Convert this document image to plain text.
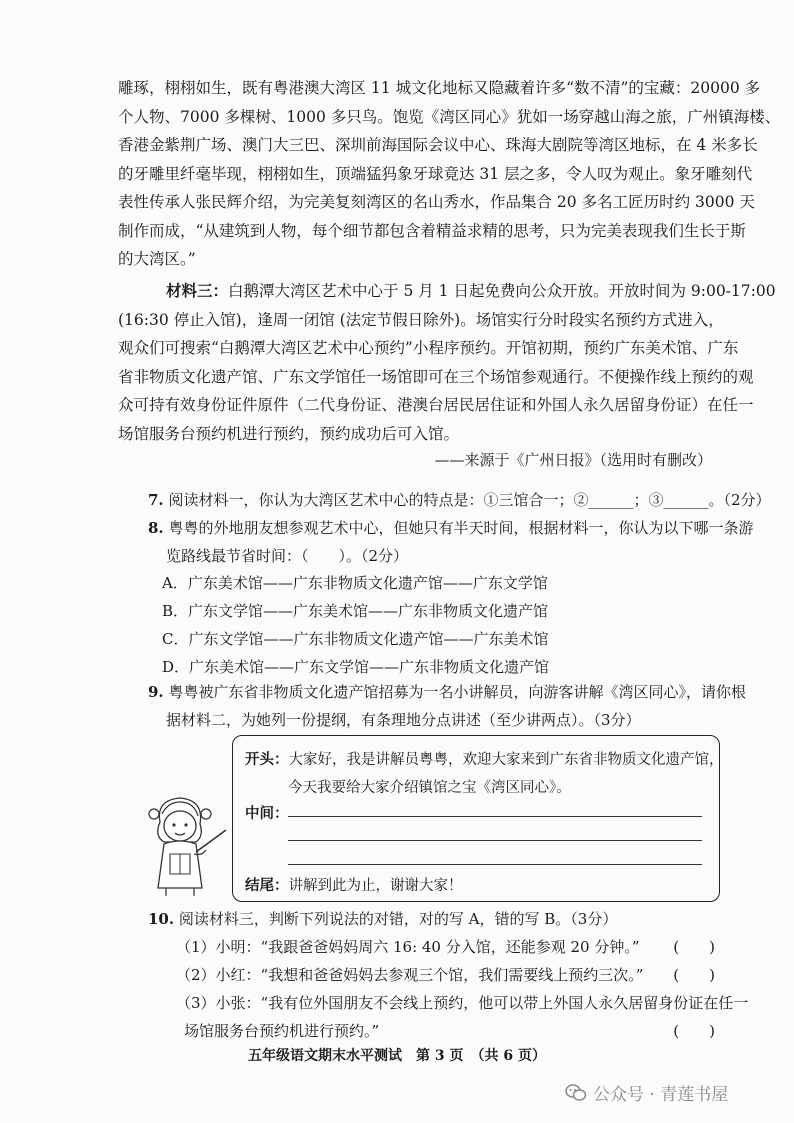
雕琢，栩栩如生，既有粤港澳大湾区 11 城文化地标又隐藏着许多“数不清”的宝藏：20000 多

个人物、7000 多棵树、1000 多只鸟。饱览《湾区同心》犹如一场穿越山海之旅，广州镇海楼、

香港金紫荆广场、澳门大三巴、深圳前海国际会议中心、珠海大剧院等湾区地标，在 4 米多长

的牙雕里纤毫毕现，栩栩如生，顶端猛犸象牙球竟达 31 层之多，令人叹为观止。象牙雕刻代

表性传承人张民辉介绍，为完美复刻湾区的名山秀水，作品集合 20 多名工匠历时约 3000 天

制作而成，“从建筑到人物，每个细节都包含着精益求精的思考，只为完美表现我们生长于斯

的大湾区。”

材料三：白鹅潭大湾区艺术中心于 5 月 1 日起免费向公众开放。开放时间为 9:00-17:00

(16:30 停止入馆)，逢周一闭馆 (法定节假日除外)。场馆实行分时段实名预约方式进入，

观众们可搜索“白鹅潭大湾区艺术中心预约”小程序预约。开馆初期，预约广东美术馆、广东

省非物质文化遗产馆、广东文学馆任一场馆即可在三个场馆参观通行。不便操作线上预约的观

众可持有效身份证件原件（二代身份证、港澳台居民居住证和外国人永久居留身份证）在任一

场馆服务台预约机进行预约，预约成功后可入馆。

——来源于《广州日报》（选用时有删改）

7. 阅读材料一，你认为大湾区艺术中心的特点是：①三馆合一；②______；③______。（2分）

8. 粤粤的外地朋友想参观艺术中心，但她只有半天时间，根据材料一，你认为以下哪一条游

览路线最节省时间：（　　）。（2分）

A．广东美术馆——广东非物质文化遗产馆——广东文学馆

B．广东文学馆——广东美术馆——广东非物质文化遗产馆

C．广东文学馆——广东非物质文化遗产馆——广东美术馆

D．广东美术馆——广东文学馆——广东非物质文化遗产馆

9. 粤粤被广东省非物质文化遗产馆招募为一名小讲解员，向游客讲解《湾区同心》，请你根

据材料二，为她列一份提纲，有条理地分点讲述（至少讲两点）。（3分）

开头：大家好，我是讲解员粤粤，欢迎大家来到广东省非物质文化遗产馆，
今天我要给大家介绍镇馆之宝《湾区同心》。
中间：
结尾：讲解到此为止，谢谢大家！

10. 阅读材料三，判断下列说法的对错，对的写 A，错的写 B。（3分）

（1）小明：“我跟爸爸妈妈周六 16: 40 分入馆，还能参观 20 分钟。” (　　)

（2）小红：“我想和爸爸妈妈去参观三个馆，我们需要线上预约三次。” (　　)

（3）小张：“我有位外国朋友不会线上预约，他可以带上外国人永久居留身份证在任一

场馆服务台预约机进行预约。”	(　　)

五年级语文期末水平测试　第 3 页　（共 6 页）
公众号 · 青莲书屋
